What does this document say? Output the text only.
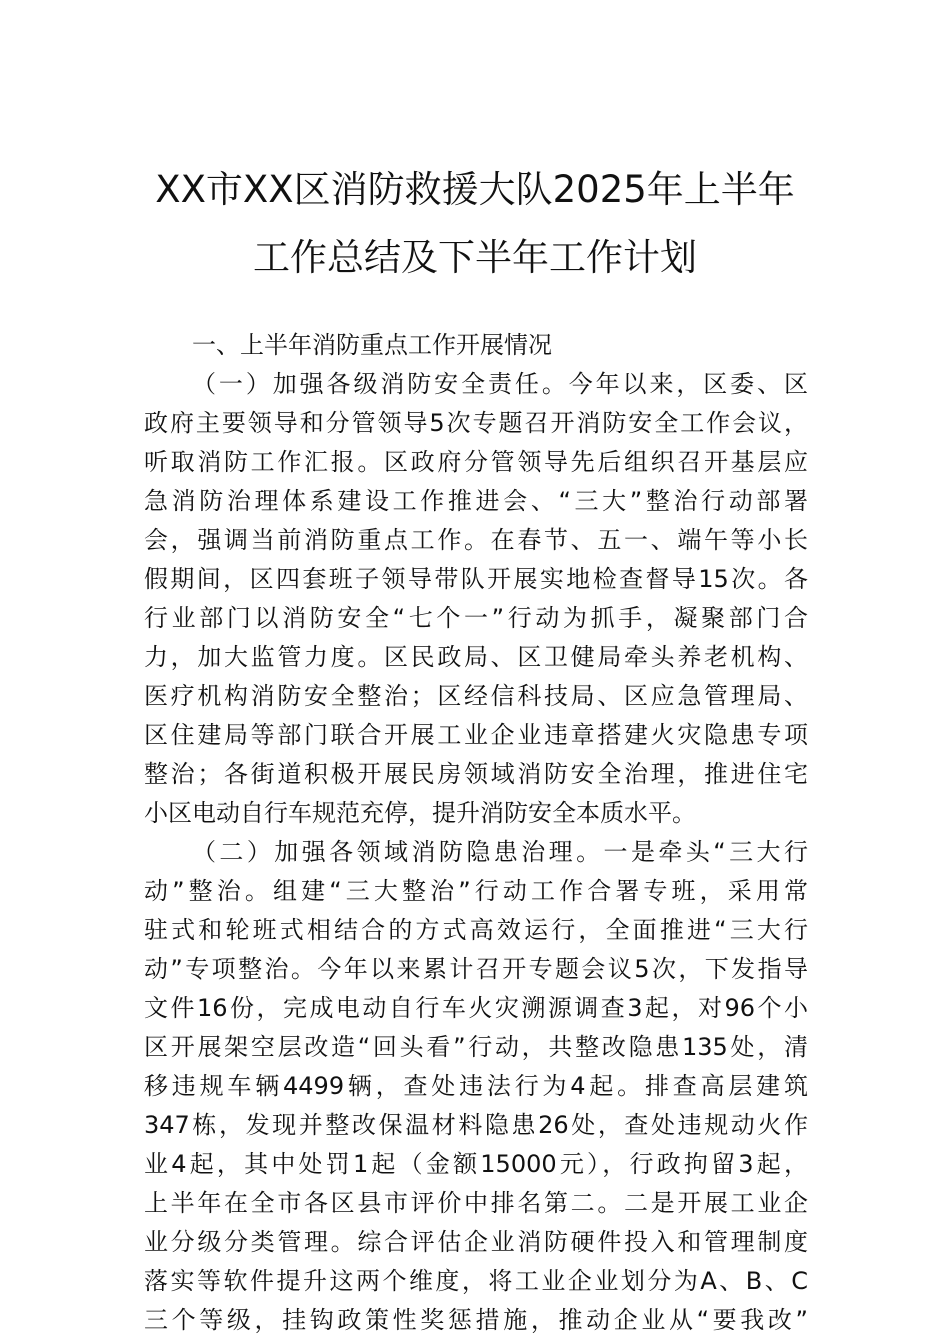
XX市XX区消防救援大队2025年上半年
工作总结及下半年工作计划
一、上半年消防重点工作开展情况
（一）加强各级消防安全责任。今年以来，区委、区
政府主要领导和分管领导5次专题召开消防安全工作会议，
听取消防工作汇报。区政府分管领导先后组织召开基层应
急消防治理体系建设工作推进会、“三大”整治行动部署
会，强调当前消防重点工作。在春节、五一、端午等小长
假期间，区四套班子领导带队开展实地检查督导15次。各
行业部门以消防安全“七个一”行动为抓手，凝聚部门合
力，加大监管力度。区民政局、区卫健局牵头养老机构、
医疗机构消防安全整治；区经信科技局、区应急管理局、
区住建局等部门联合开展工业企业违章搭建火灾隐患专项
整治；各街道积极开展民房领域消防安全治理，推进住宅
小区电动自行车规范充停，提升消防安全本质水平。
（二）加强各领域消防隐患治理。一是牵头“三大行
动”整治。组建“三大整治”行动工作合署专班，采用常
驻式和轮班式相结合的方式高效运行，全面推进“三大行
动”专项整治。今年以来累计召开专题会议5次，下发指导
文件16份，完成电动自行车火灾溯源调查3起，对96个小
区开展架空层改造“回头看”行动，共整改隐患135处，清
移违规车辆4499辆，查处违法行为4起。排查高层建筑
347栋，发现并整改保温材料隐患26处，查处违规动火作
业4起，其中处罚1起（金额15000元），行政拘留3起，
上半年在全市各区县市评价中排名第二。二是开展工业企
业分级分类管理。综合评估企业消防硬件投入和管理制度
落实等软件提升这两个维度，将工业企业划分为A、B、C
三个等级，挂钩政策性奖惩措施，推动企业从“要我改”
